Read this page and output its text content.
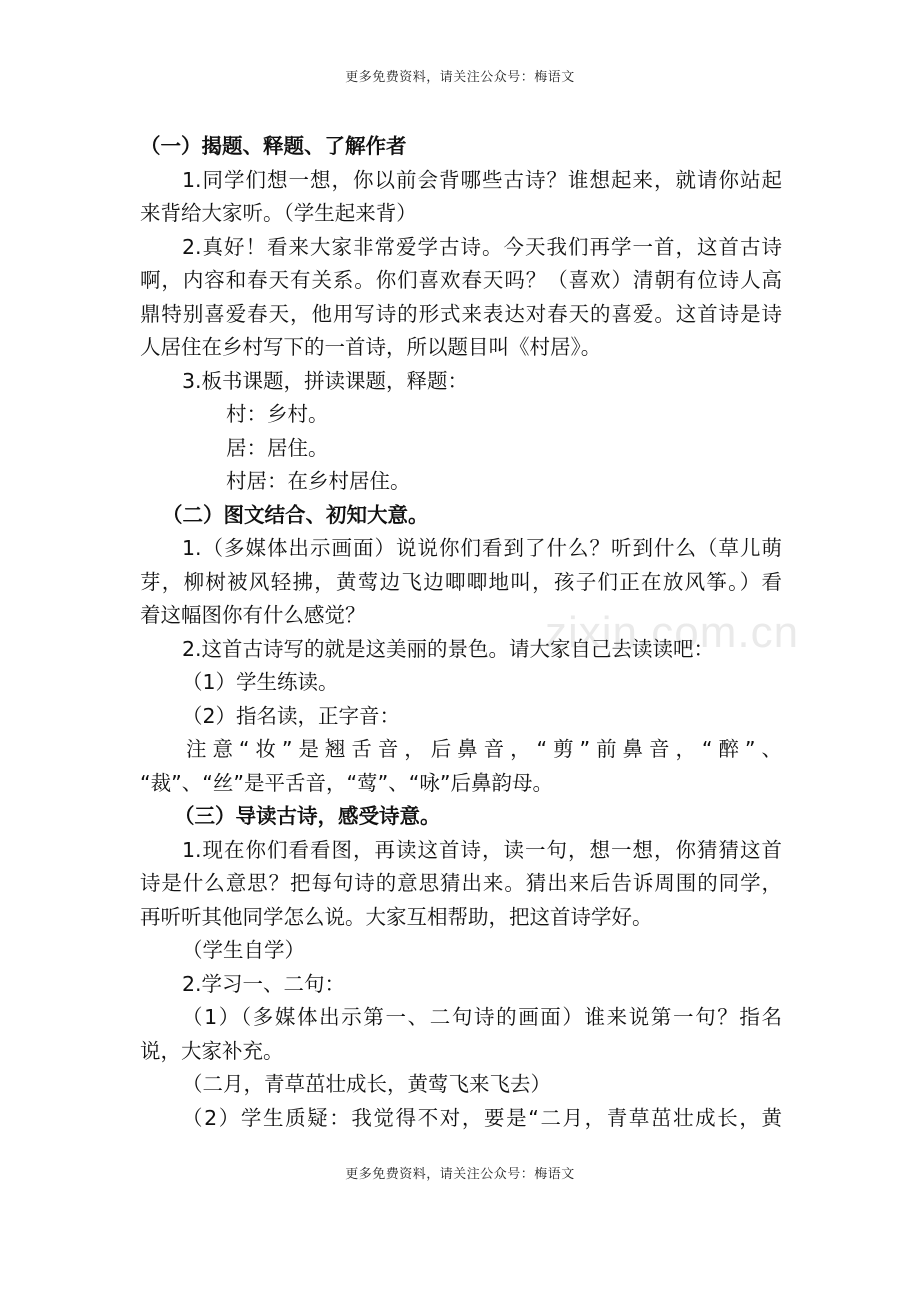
更多免费资料，请关注公众号：梅语文
zixin.com.cn
（一）揭题、释题、了解作者
1.同学们想一想，你以前会背哪些古诗？谁想起来，就请你站起
来背给大家听。（学生起来背）
2.真好！看来大家非常爱学古诗。今天我们再学一首，这首古诗
啊，内容和春天有关系。你们喜欢春天吗？（喜欢）清朝有位诗人高
鼎特别喜爱春天，他用写诗的形式来表达对春天的喜爱。这首诗是诗
人居住在乡村写下的一首诗，所以题目叫《村居》。
3.板书课题，拼读课题，释题：
村：乡村。
居：居住。
村居：在乡村居住。
（二）图文结合、初知大意。
1.（多媒体出示画面）说说你们看到了什么？听到什么（草儿萌
芽，柳树被风轻拂，黄莺边飞边唧唧地叫，孩子们正在放风筝。）看
着这幅图你有什么感觉？
2.这首古诗写的就是这美丽的景色。请大家自己去读读吧：
（1）学生练读。
（2）指名读，正字音：
注意“妆”是翘舌音，后鼻音，“剪”前鼻音，“醉”、
“裁”、“丝”是平舌音，“莺”、“咏”后鼻韵母。
（三）导读古诗，感受诗意。
1.现在你们看看图，再读这首诗，读一句，想一想，你猜猜这首
诗是什么意思？把每句诗的意思猜出来。猜出来后告诉周围的同学，
再听听其他同学怎么说。大家互相帮助，把这首诗学好。
（学生自学）
2.学习一、二句：
（1）（多媒体出示第一、二句诗的画面）谁来说第一句？指名
说，大家补充。
（二月，青草茁壮成长，黄莺飞来飞去）
（2）学生质疑：我觉得不对，要是“二月，青草茁壮成长，黄
更多免费资料，请关注公众号：梅语文
